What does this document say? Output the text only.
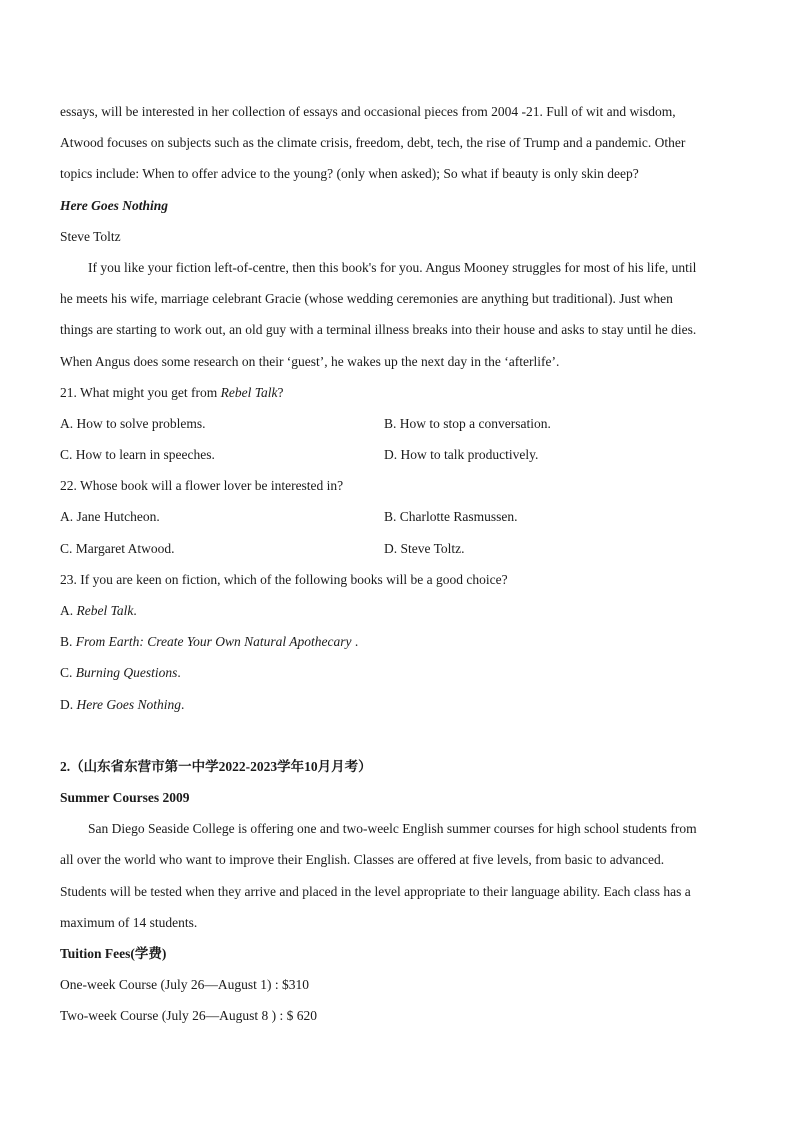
essays, will be interested in her collection of essays and occasional pieces from 2004 -21. Full of wit and wisdom,
Atwood focuses on subjects such as the climate crisis, freedom, debt, tech, the rise of Trump and a pandemic. Other
topics include: When to offer advice to the young? (only when asked); So what if beauty is only skin deep?
Here Goes Nothing
Steve Toltz
If you like your fiction left-of-centre, then this book's for you. Angus Mooney struggles for most of his life, until
he meets his wife, marriage celebrant Gracie (whose wedding ceremonies are anything but traditional). Just when
things are starting to work out, an old guy with a terminal illness breaks into their house and asks to stay until he dies.
When Angus does some research on their ‘guest’, he wakes up the next day in the ‘afterlife’.
21. What might you get from Rebel Talk?
A. How to solve problems.	B. How to stop a conversation.
C. How to learn in speeches.	D. How to talk productively.
22. Whose book will a flower lover be interested in?
A. Jane Hutcheon.	B. Charlotte Rasmussen.
C. Margaret Atwood.	D. Steve Toltz.
23. If you are keen on fiction, which of the following books will be a good choice?
A. Rebel Talk.
B. From Earth: Create Your Own Natural Apothecary .
C. Burning Questions.
D. Here Goes Nothing.
2.（山东省东营市第一中学2022-2023学年10月月考）
Summer Courses 2009
San Diego Seaside College is offering one and two-weelc English summer courses for high school students from
all over the world who want to improve their English. Classes are offered at five levels, from basic to advanced.
Students will be tested when they arrive and placed in the level appropriate to their language ability. Each class has a
maximum of 14 students.
Tuition Fees(学费)
One-week Course (July 26—August 1) : $310
Two-week Course (July 26—August 8 ) : $ 620
